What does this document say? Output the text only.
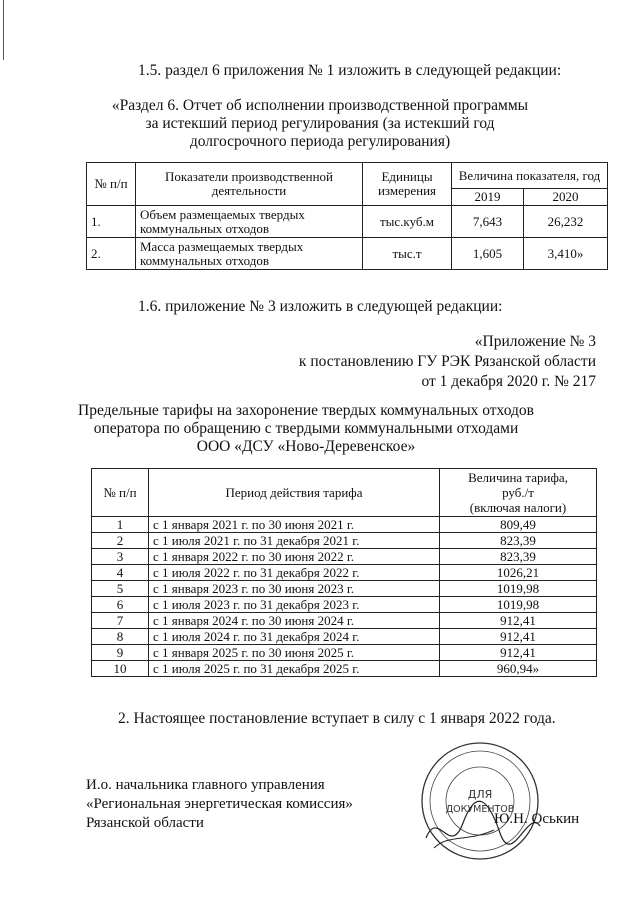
1.5. раздел 6 приложения № 1 изложить в следующей редакции:
«Раздел 6. Отчет об исполнении производственной программы
за истекший период регулирования (за истекший год
долгосрочного периода регулирования)
№ п/п	Показатели производственной деятельности	Единицы измерения	Величина показателя, год	
			2019	2020
1.	Объем размещаемых твердых коммунальных отходов	тыс.куб.м	7,643	26,232
2.	Масса размещаемых твердых коммунальных отходов	тыс.т	1,605	3,410»
1.6. приложение № 3 изложить в следующей редакции:
«Приложение № 3
к постановлению ГУ РЭК Рязанской области
от 1 декабря 2020 г. № 217
Предельные тарифы на захоронение твердых коммунальных отходов
оператора по обращению с твердыми коммунальными отходами
ООО «ДСУ «Ново-Деревенское»
№ п/п	Период действия тарифа	Величина тарифа,
руб./т
(включая налоги)

1	с 1 января 2021 г. по 30 июня 2021 г.	809,49
2	с 1 июля 2021 г. по 31 декабря 2021 г.	823,39
3	с 1 января 2022 г. по 30 июня 2022 г.	823,39
4	с 1 июля 2022 г. по 31 декабря 2022 г.	1026,21
5	с 1 января 2023 г. по 30 июня 2023 г.	1019,98
6	с 1 июля 2023 г. по 31 декабря 2023 г.	1019,98
7	с 1 января 2024 г. по 30 июня 2024 г.	912,41
8	с 1 июля 2024 г. по 31 декабря 2024 г.	912,41
9	с 1 января 2025 г. по 30 июня 2025 г.	912,41
10	с 1 июля 2025 г. по 31 декабря 2025 г.	960,94»
2. Настоящее постановление вступает в силу с 1 января 2022 года.
И.о. начальника главного управления
«Региональная энергетическая комиссия»
Рязанской области
ДЛЯ
ДОКУМЕНТОВ
Ю.Н. Оськин
